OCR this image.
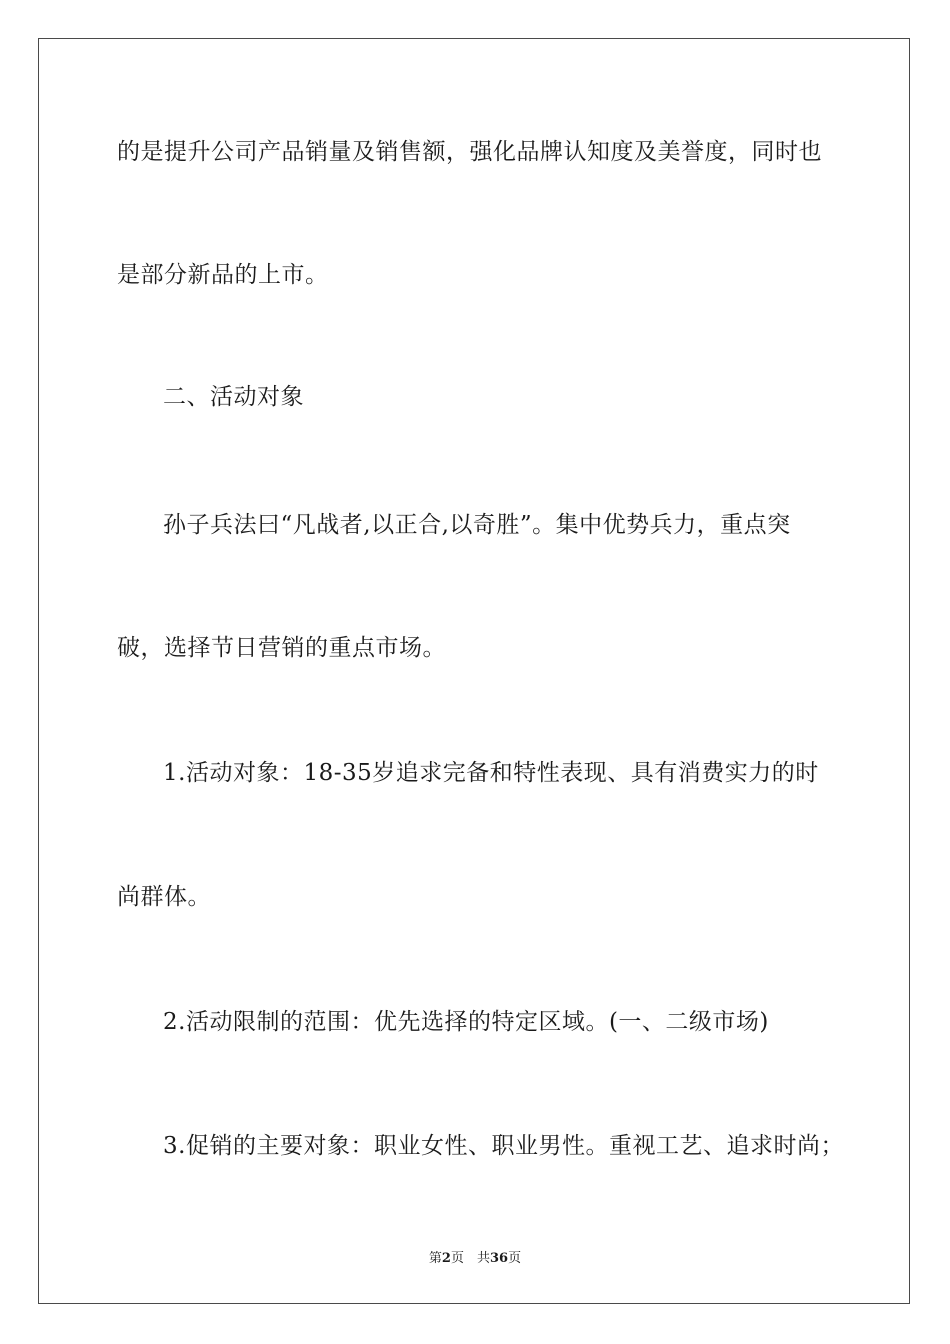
的是提升公司产品销量及销售额，强化品牌认知度及美誉度，同时也
是部分新品的上市。
二、活动对象
孙子兵法曰“凡战者,以正合,以奇胜”。集中优势兵力，重点突
破，选择节日营销的重点市场。
1.活动对象：18-35岁追求完备和特性表现、具有消费实力的时
尚群体。
2.活动限制的范围：优先选择的特定区域。(一、二级市场)
3.促销的主要对象：职业女性、职业男性。重视工艺、追求时尚；
第2页　共36页
